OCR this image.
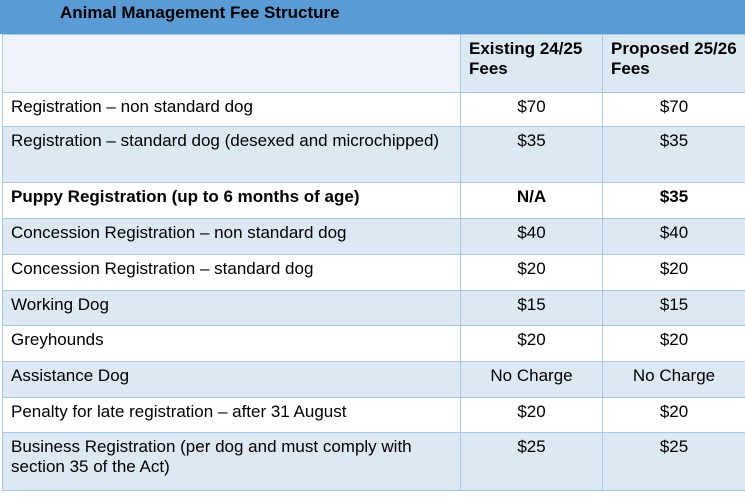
Animal Management Fee Structure
	Existing 24/25 Fees	Proposed 25/26 Fees
Registration – non standard dog	$70	$70
Registration – standard dog (desexed and microchipped)	$35	$35
Puppy Registration (up to 6 months of age)	N/A	$35
Concession Registration – non standard dog	$40	$40
Concession Registration – standard dog	$20	$20
Working Dog	$15	$15
Greyhounds	$20	$20
Assistance Dog	No Charge	No Charge
Penalty for late registration – after 31 August	$20	$20
Business Registration (per dog and must comply with section 35 of the Act)	$25	$25
